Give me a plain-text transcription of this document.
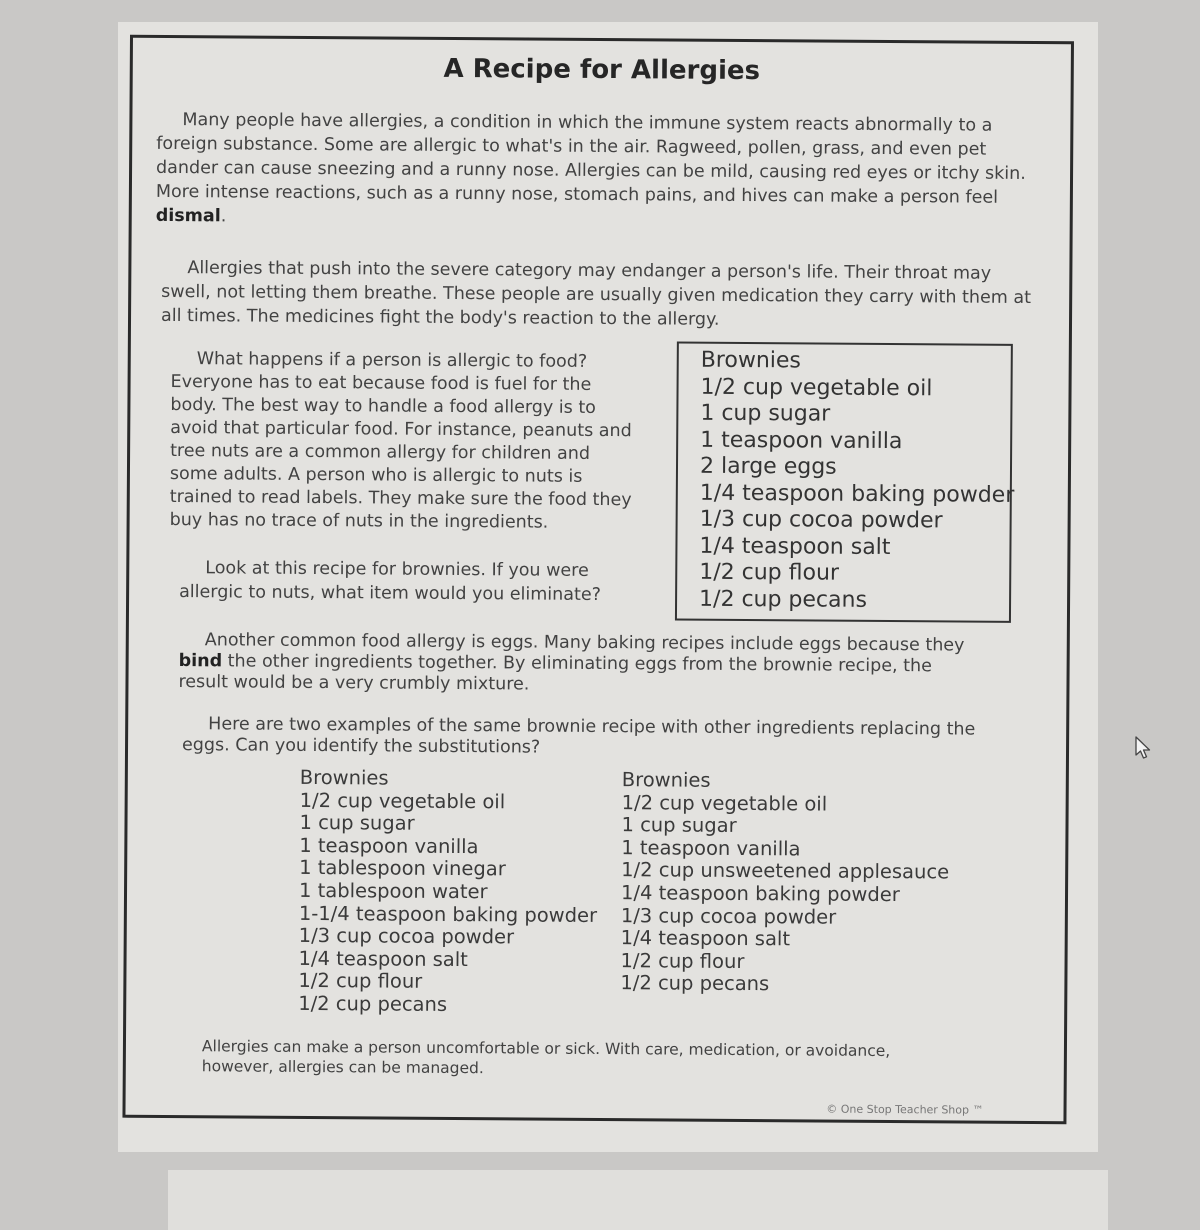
A Recipe for Allergies

Many people have allergies, a condition in which the immune system reacts abnormally to a foreign substance. Some are allergic to what's in the air. Ragweed, pollen, grass, and even pet dander can cause sneezing and a runny nose. Allergies can be mild, causing red eyes or itchy skin. More intense reactions, such as a runny nose, stomach pains, and hives can make a person feel dismal.

Allergies that push into the severe category may endanger a person's life. Their throat may swell, not letting them breathe. These people are usually given medication they carry with them at all times. The medicines fight the body's reaction to the allergy.

What happens if a person is allergic to food? Everyone has to eat because food is fuel for the body. The best way to handle a food allergy is to avoid that particular food. For instance, peanuts and tree nuts are a common allergy for children and some adults. A person who is allergic to nuts is trained to read labels. They make sure the food they buy has no trace of nuts in the ingredients.

Look at this recipe for brownies. If you were allergic to nuts, what item would you eliminate?

Brownies
1/2 cup vegetable oil
1 cup sugar
1 teaspoon vanilla
2 large eggs
1/4 teaspoon baking powder
1/3 cup cocoa powder
1/4 teaspoon salt
1/2 cup flour
1/2 cup pecans

Another common food allergy is eggs. Many baking recipes include eggs because they bind the other ingredients together. By eliminating eggs from the brownie recipe, the result would be a very crumbly mixture.

Here are two examples of the same brownie recipe with other ingredients replacing the eggs. Can you identify the substitutions?

Brownies
1/2 cup vegetable oil
1 cup sugar
1 teaspoon vanilla
1 tablespoon vinegar
1 tablespoon water
1-1/4 teaspoon baking powder
1/3 cup cocoa powder
1/4 teaspoon salt
1/2 cup flour
1/2 cup pecans
Brownies
1/2 cup vegetable oil
1 cup sugar
1 teaspoon vanilla
1/2 cup unsweetened applesauce
1/4 teaspoon baking powder
1/3 cup cocoa powder
1/4 teaspoon salt
1/2 cup flour
1/2 cup pecans

Allergies can make a person uncomfortable or sick. With care, medication, or avoidance, however, allergies can be managed.

© One Stop Teacher Shop ™
